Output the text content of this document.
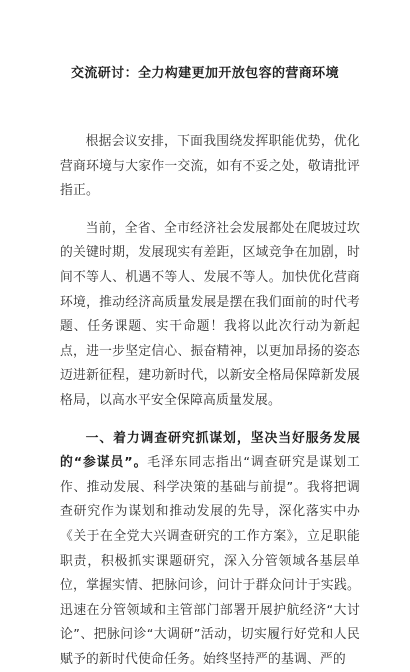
交流研讨：全力构建更加开放包容的营商环境

根据会议安排，下面我围绕发挥职能优势，优化营商环境与大家作一交流，如有不妥之处，敬请批评指正。

当前，全省、全市经济社会发展都处在爬坡过坎的关键时期，发展现实有差距，区域竞争在加剧，时间不等人、机遇不等人、发展不等人。加快优化营商环境，推动经济高质量发展是摆在我们面前的时代考题、任务课题、实干命题！我将以此次行动为新起点，进一步坚定信心、振奋精神，以更加昂扬的姿态迈进新征程，建功新时代，以新安全格局保障新发展格局，以高水平安全保障高质量发展。

一、着力调查研究抓谋划，坚决当好服务发展的“参谋员”。毛泽东同志指出“调查研究是谋划工作、推动发展、科学决策的基础与前提”。我将把调查研究作为谋划和推动发展的先导，深化落实中办《关于在全党大兴调查研究的工作方案》，立足职能职责，积极抓实课题研究，深入分管领域各基层单位，掌握实情、把脉问诊，问计于群众问计于实践。迅速在分管领域和主管部门部署开展护航经济“大讨论”、把脉问诊“大调研”活动，切实履行好党和人民赋予的新时代使命任务。始终坚持严的基调、严的
